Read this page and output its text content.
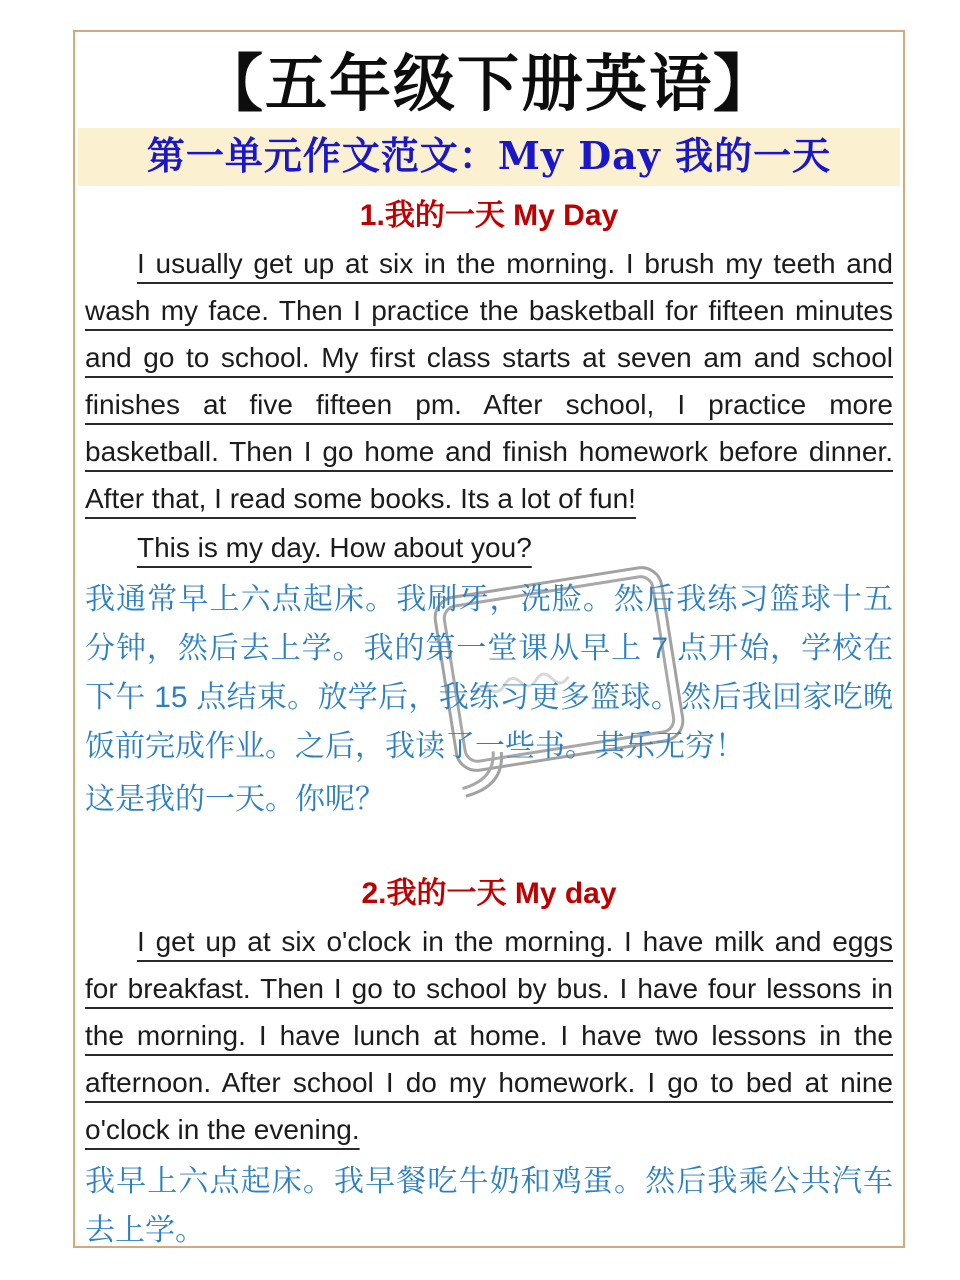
【五年级下册英语】
第一单元作文范文：My Day 我的一天
1.我的一天 My Day

I usually get up at six in the morning. I brush my teeth and wash my face. Then I practice the basketball for fifteen minutes and go to school. My first class starts at seven am and school finishes at five fifteen pm. After school, I practice more basketball. Then I go home and finish homework before dinner. After that, I read some books. Its a lot of fun!

This is my day. How about you?

我通常早上六点起床。我刷牙，洗脸。然后我练习篮球十五分钟，然后去上学。我的第一堂课从早上 7 点开始，学校在下午 15 点结束。放学后，我练习更多篮球。然后我回家吃晚饭前完成作业。之后，我读了一些书。其乐无穷！

这是我的一天。你呢？

2.我的一天 My day

I get up at six o'clock in the morning. I have milk and eggs for breakfast. Then I go to school by bus. I have four lessons in the morning. I have lunch at home. I have two lessons in the afternoon. After school I do my homework. I go to bed at nine o'clock in the evening.

我早上六点起床。我早餐吃牛奶和鸡蛋。然后我乘公共汽车去上学。
